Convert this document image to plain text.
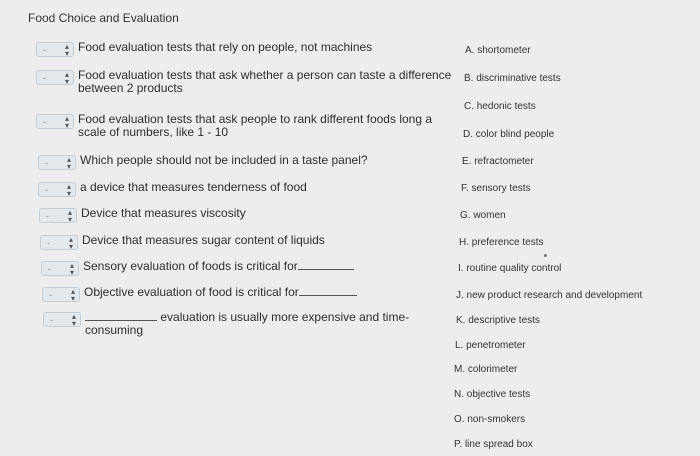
Food Choice and Evaluation
- ▴
▾ Food evaluation tests that rely on people, not machines
- ▴
▾ Food evaluation tests that ask whether a person can taste a difference
between 2 products
- ▴
▾ Food evaluation tests that ask people to rank different foods long a
scale of numbers, like 1 - 10
- ▴
▾ Which people should not be included in a taste panel?
- ▴
▾ a device that measures tenderness of food
- ▴
▾ Device that measures viscosity
- ▴
▾ Device that measures sugar content of liquids
- ▴
▾ Sensory evaluation of foods is critical for
- ▴
▾ Objective evaluation of food is critical for
- ▴
▾	evaluation is usually more expensive and time-
consuming
A. shortometer
B. discriminative tests
C. hedonic tests
D. color blind people
E. refractometer
F. sensory tests
G. women
H. preference tests
I. routine quality control
J. new product research and development
K. descriptive tests
L. penetrometer
M. colorimeter
N. objective tests
O. non-smokers
P. line spread box
